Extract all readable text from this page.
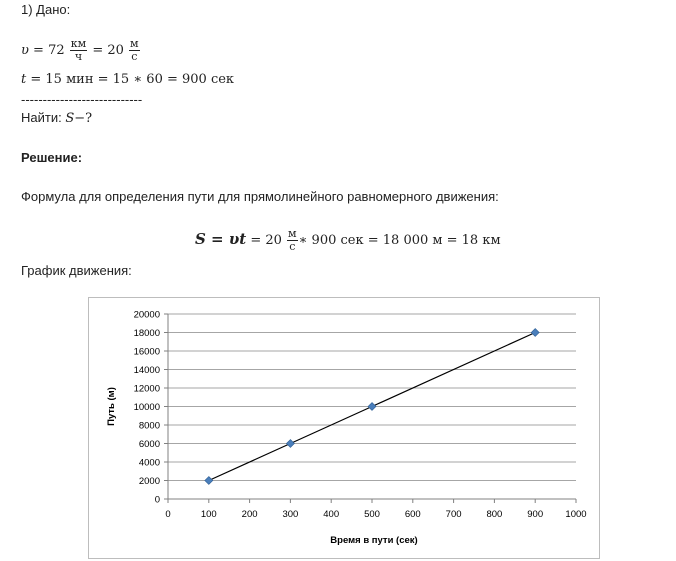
1) Дано:
$\upsilon = 72 \frac{км}{ч} = 20 \frac{м}{с}$
t = 15 мин = 15 ∗ 60 = 900 сек
----------------------------
Найти: S−?
Решение:
Формула для определения пути для прямолинейного равномерного движения:
$S = \upsilon t = 20 \frac{м}{с}$ ∗ 900 сек = 18 000 м = 18 км
График движения:
0
2000
4000
6000
8000
10000
12000
14000
16000
18000
20000
0	100	200	300	400	500	600	700	800	900 1000
Время в пути (сек)
Путь (м)
